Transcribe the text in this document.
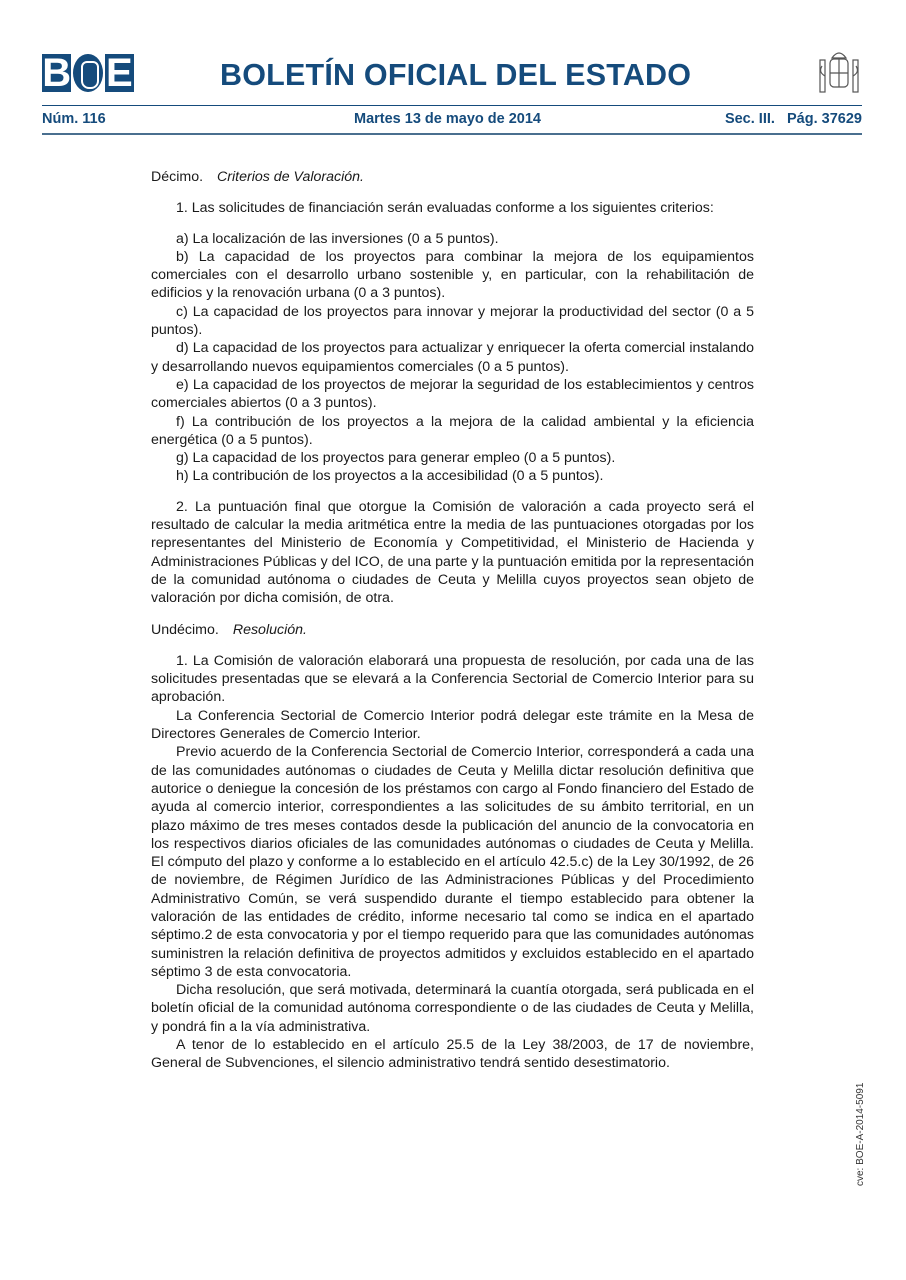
B E	BOLETÍN OFICIAL DEL ESTADO
Núm. 116	Martes 13 de mayo de 2014	Sec. III. Pág. 37629

Décimo. Criterios de Valoración.

1. Las solicitudes de financiación serán evaluadas conforme a los siguientes criterios:

a) La localización de las inversiones (0 a 5 puntos).

b) La capacidad de los proyectos para combinar la mejora de los equipamientos comerciales con el desarrollo urbano sostenible y, en particular, con la rehabilitación de edificios y la renovación urbana (0 a 3 puntos).

c) La capacidad de los proyectos para innovar y mejorar la productividad del sector (0 a 5 puntos).

d) La capacidad de los proyectos para actualizar y enriquecer la oferta comercial instalando y desarrollando nuevos equipamientos comerciales (0 a 5 puntos).

e) La capacidad de los proyectos de mejorar la seguridad de los establecimientos y centros comerciales abiertos (0 a 3 puntos).

f) La contribución de los proyectos a la mejora de la calidad ambiental y la eficiencia energética (0 a 5 puntos).

g) La capacidad de los proyectos para generar empleo (0 a 5 puntos).

h) La contribución de los proyectos a la accesibilidad (0 a 5 puntos).

2. La puntuación final que otorgue la Comisión de valoración a cada proyecto será el resultado de calcular la media aritmética entre la media de las puntuaciones otorgadas por los representantes del Ministerio de Economía y Competitividad, el Ministerio de Hacienda y Administraciones Públicas y del ICO, de una parte y la puntuación emitida por la representación de la comunidad autónoma o ciudades de Ceuta y Melilla cuyos proyectos sean objeto de valoración por dicha comisión, de otra.

Undécimo. Resolución.

1. La Comisión de valoración elaborará una propuesta de resolución, por cada una de las solicitudes presentadas que se elevará a la Conferencia Sectorial de Comercio Interior para su aprobación.

La Conferencia Sectorial de Comercio Interior podrá delegar este trámite en la Mesa de Directores Generales de Comercio Interior.

Previo acuerdo de la Conferencia Sectorial de Comercio Interior, corresponderá a cada una de las comunidades autónomas o ciudades de Ceuta y Melilla dictar resolución definitiva que autorice o deniegue la concesión de los préstamos con cargo al Fondo financiero del Estado de ayuda al comercio interior, correspondientes a las solicitudes de su ámbito territorial, en un plazo máximo de tres meses contados desde la publicación del anuncio de la convocatoria en los respectivos diarios oficiales de las comunidades autónomas o ciudades de Ceuta y Melilla. El cómputo del plazo y conforme a lo establecido en el artículo 42.5.c) de la Ley 30/1992, de 26 de noviembre, de Régimen Jurídico de las Administraciones Públicas y del Procedimiento Administrativo Común, se verá suspendido durante el tiempo establecido para obtener la valoración de las entidades de crédito, informe necesario tal como se indica en el apartado séptimo.2 de esta convocatoria y por el tiempo requerido para que las comunidades autónomas suministren la relación definitiva de proyectos admitidos y excluidos establecido en el apartado séptimo 3 de esta convocatoria.

Dicha resolución, que será motivada, determinará la cuantía otorgada, será publicada en el boletín oficial de la comunidad autónoma correspondiente o de las ciudades de Ceuta y Melilla, y pondrá fin a la vía administrativa.

A tenor de lo establecido en el artículo 25.5 de la Ley 38/2003, de 17 de noviembre, General de Subvenciones, el silencio administrativo tendrá sentido desestimatorio.

cve: BOE-A-2014-5091
